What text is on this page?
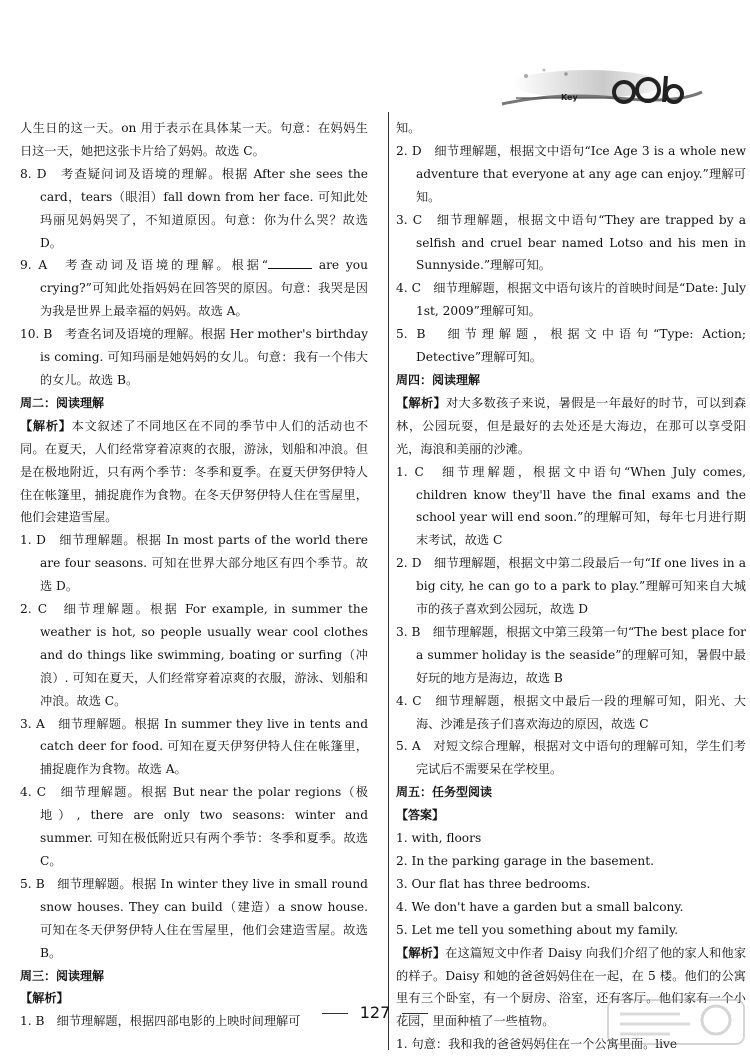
Key

人生日的这一天。on 用于表示在具体某一天。句意：在妈妈生日这一天，她把这张卡片给了妈妈。故选 C。

8. D　考查疑问词及语境的理解。根据 After she sees the card，tears（眼泪）fall down from her face. 可知此处玛丽见妈妈哭了，不知道原因。句意：你为什么哭？故选 D。

9. A　考查动词及语境的理解。根据“	are you crying?”可知此处指妈妈在回答哭的原因。句意：我哭是因为我是世界上最幸福的妈妈。故选 A。

10. B　考查名词及语境的理解。根据 Her mother's birthday is coming. 可知玛丽是她妈妈的女儿。句意：我有一个伟大的女儿。故选 B。

周二：阅读理解

【解析】本文叙述了不同地区在不同的季节中人们的活动也不同。在夏天，人们经常穿着凉爽的衣服，游泳，划船和冲浪。但是在极地附近，只有两个季节：冬季和夏季。在夏天伊努伊特人住在帐篷里，捕捉鹿作为食物。在冬天伊努伊特人住在雪屋里，他们会建造雪屋。

1. D　细节理解题。根据 In most parts of the world there are four seasons. 可知在世界大部分地区有四个季节。故选 D。

2. C　细节理解题。根据 For example, in summer the weather is hot, so people usually wear cool clothes and do things like swimming, boating or surfing（冲浪）. 可知在夏天，人们经常穿着凉爽的衣服，游泳、划船和冲浪。故选 C。

3. A　细节理解题。根据 In summer they live in tents and catch deer for food. 可知在夏天伊努伊特人住在帐篷里，捕捉鹿作为食物。故选 A。

4. C　细节理解题。根据 But near the polar regions（极地）, there are only two seasons: winter and summer. 可知在极低附近只有两个季节：冬季和夏季。故选 C。

5. B　细节理解题。根据 In winter they live in small round snow houses. They can build（建造）a snow house. 可知在冬天伊努伊特人住在雪屋里，他们会建造雪屋。故选 B。

周三：阅读理解

【解析】

1. B　细节理解题，根据四部电影的上映时间理解可

知。

2. D　细节理解题，根据文中语句“Ice Age 3 is a whole new adventure that everyone at any age can enjoy.”理解可知。

3. C　细节理解题，根据文中语句“They are trapped by a selfish and cruel bear named Lotso and his men in Sunnyside.”理解可知。

4. C　细节理解题，根据文中语句该片的首映时间是“Date: July 1st, 2009”理解可知。

5. B　细节理解题，根据文中语句“Type: Action; Detective”理解可知。

周四：阅读理解

【解析】对大多数孩子来说，暑假是一年最好的时节，可以到森林，公园玩耍，但是最好的去处还是大海边，在那可以享受阳光，海浪和美丽的沙滩。

1. C　细节理解题，根据文中语句“When July comes, children know they'll have the final exams and the school year will end soon.”的理解可知，每年七月进行期末考试，故选 C

2. D　细节理解题，根据文中第二段最后一句“If one lives in a big city, he can go to a park to play.”理解可知来自大城市的孩子喜欢到公园玩，故选 D

3. B　细节理解题，根据文中第三段第一句“The best place for a summer holiday is the seaside”的理解可知，暑假中最好玩的地方是海边，故选 B

4. C　细节理解题，根据文中最后一段的理解可知，阳光、大海、沙滩是孩子们喜欢海边的原因，故选 C

5. A　对短文综合理解，根据对文中语句的理解可知，学生们考完试后不需要呆在学校里。

周五：任务型阅读

【答案】

1. with, floors

2. In the parking garage in the basement.

3. Our flat has three bedrooms.

4. We don't have a garden but a small balcony.

5. Let me tell you something about my family.

【解析】在这篇短文中作者 Daisy 向我们介绍了他的家人和他家的样子。Daisy 和她的爸爸妈妈住在一起，在 5 楼。他们的公寓里有三个卧室，有一个厨房、浴室，还有客厅。他们家有一个小花园，里面种植了一些植物。

1. 句意：我和我的爸爸妈妈住在一个公寓里面。live

127
